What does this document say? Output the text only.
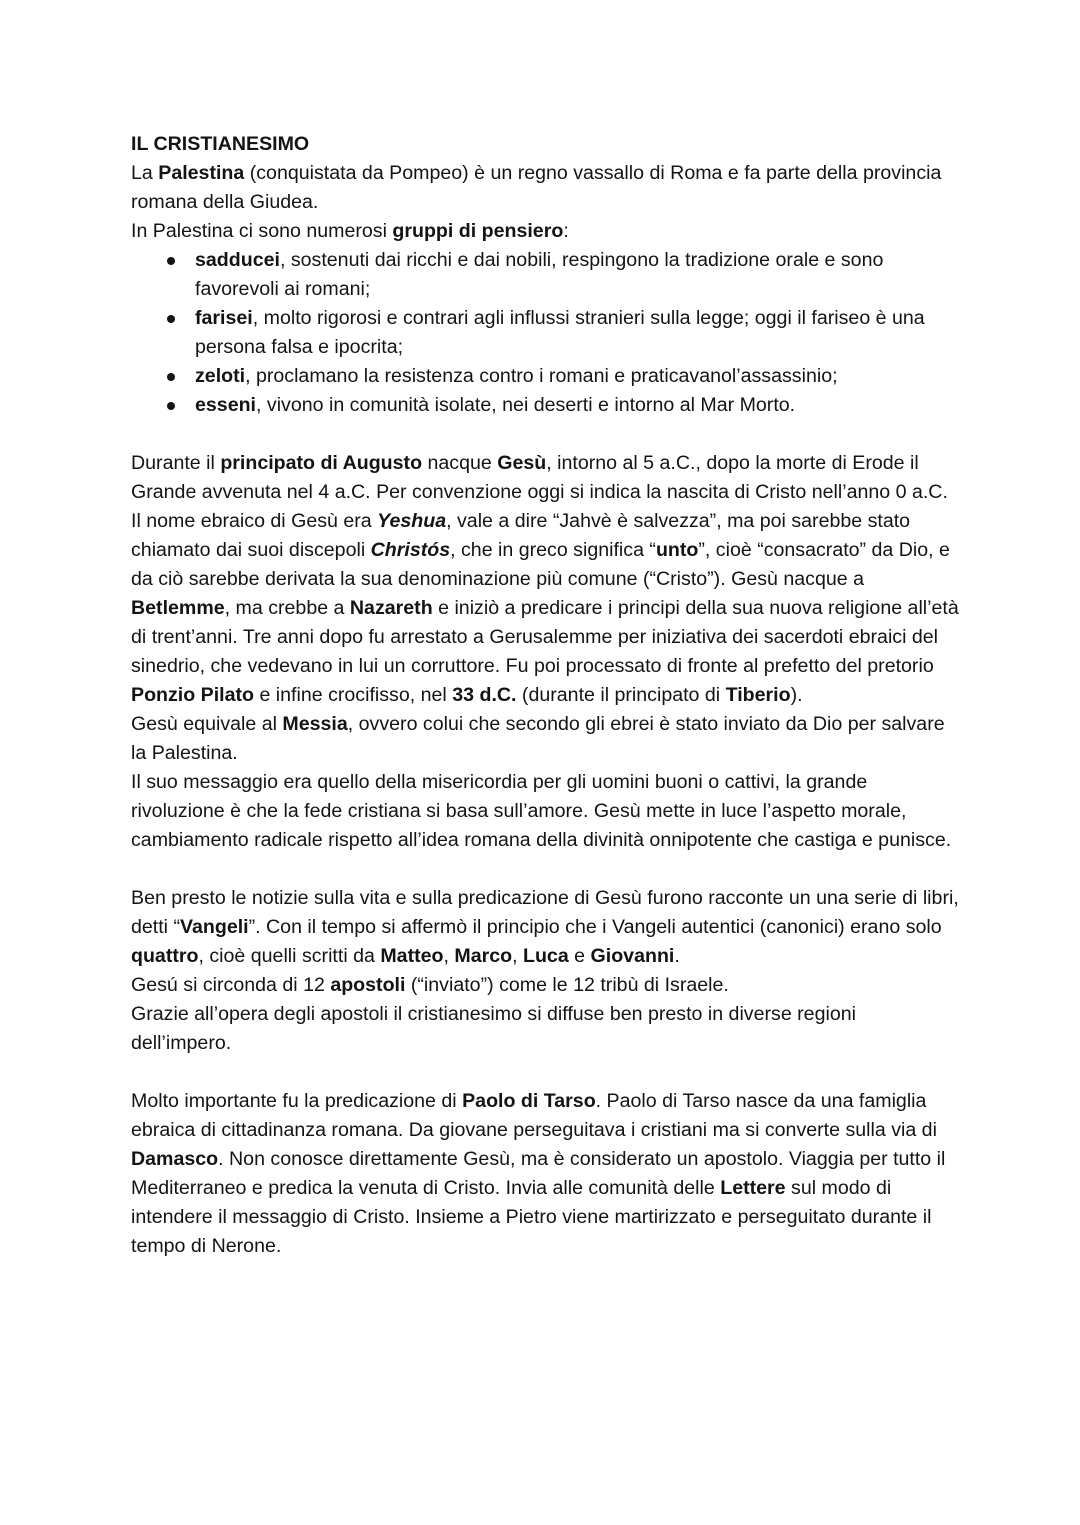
IL CRISTIANESIMO

La Palestina (conquistata da Pompeo) è un regno vassallo di Roma e fa parte della provincia romana della Giudea.

In Palestina ci sono numerosi gruppi di pensiero:

sadducei, sostenuti dai ricchi e dai nobili, respingono la tradizione orale e sono favorevoli ai romani;
farisei, molto rigorosi e contrari agli influssi stranieri sulla legge; oggi il fariseo è una persona falsa e ipocrita;
zeloti, proclamano la resistenza contro i romani e praticavanol’assassinio;
esseni, vivono in comunità isolate, nei deserti e intorno al Mar Morto.

Durante il principato di Augusto nacque Gesù, intorno al 5 a.C., dopo la morte di Erode il Grande avvenuta nel 4 a.C. Per convenzione oggi si indica la nascita di Cristo nell’anno 0 a.C.

Il nome ebraico di Gesù era Yeshua, vale a dire “Jahvè è salvezza”, ma poi sarebbe stato chiamato dai suoi discepoli Christós, che in greco significa “unto”, cioè “consacrato” da Dio, e da ciò sarebbe derivata la sua denominazione più comune (“Cristo”). Gesù nacque a Betlemme, ma crebbe a Nazareth e iniziò a predicare i principi della sua nuova religione all’età di trent’anni. Tre anni dopo fu arrestato a Gerusalemme per iniziativa dei sacerdoti ebraici del sinedrio, che vedevano in lui un corruttore. Fu poi processato di fronte al prefetto del pretorio Ponzio Pilato e infine crocifisso, nel 33 d.C. (durante il principato di Tiberio).

Gesù equivale al Messia, ovvero colui che secondo gli ebrei è stato inviato da Dio per salvare la Palestina.

Il suo messaggio era quello della misericordia per gli uomini buoni o cattivi, la grande rivoluzione è che la fede cristiana si basa sull’amore. Gesù mette in luce l’aspetto morale, cambiamento radicale rispetto all’idea romana della divinità onnipotente che castiga e punisce.

Ben presto le notizie sulla vita e sulla predicazione di Gesù furono racconte un una serie di libri, detti “Vangeli”. Con il tempo si affermò il principio che i Vangeli autentici (canonici) erano solo quattro, cioè quelli scritti da Matteo, Marco, Luca e Giovanni.

Gesú si circonda di 12 apostoli (“inviato”) come le 12 tribù di Israele.

Grazie all’opera degli apostoli il cristianesimo si diffuse ben presto in diverse regioni dell’impero.

Molto importante fu la predicazione di Paolo di Tarso. Paolo di Tarso nasce da una famiglia ebraica di cittadinanza romana. Da giovane perseguitava i cristiani ma si converte sulla via di Damasco. Non conosce direttamente Gesù, ma è considerato un apostolo. Viaggia per tutto il Mediterraneo e predica la venuta di Cristo. Invia alle comunità delle Lettere sul modo di intendere il messaggio di Cristo. Insieme a Pietro viene martirizzato e perseguitato durante il tempo di Nerone.
